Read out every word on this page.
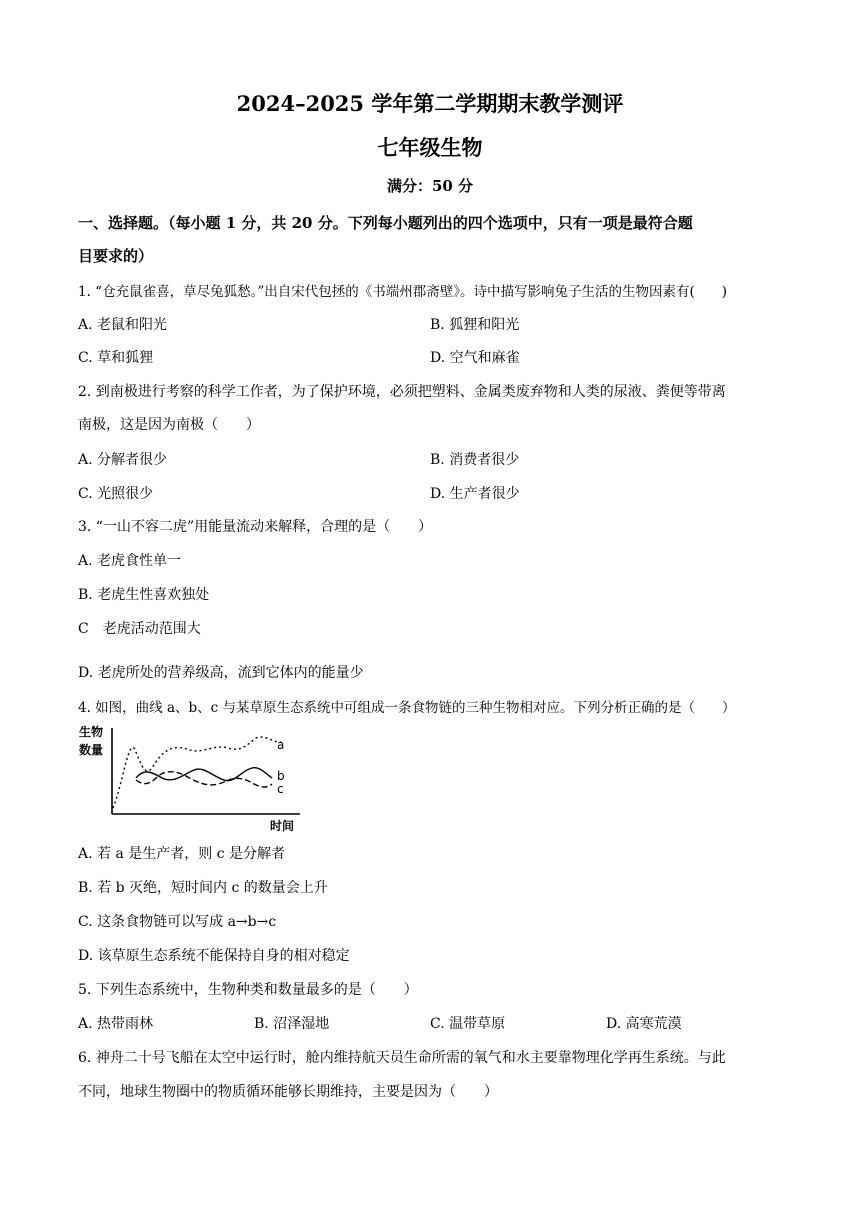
2024–2025 学年第二学期期末教学测评
七年级生物
满分：50 分
一、选择题。（每小题 1 分，共 20 分。下列每小题列出的四个选项中，只有一项是最符合题
目要求的）
1. “仓充鼠雀喜，草尽兔狐愁。”出自宋代包拯的《书端州郡斋壁》。诗中描写影响兔子生活的生物因素有(　　)
A. 老鼠和阳光	B. 狐狸和阳光
C. 草和狐狸	D. 空气和麻雀
2. 到南极进行考察的科学工作者，为了保护环境，必须把塑料、金属类废弃物和人类的尿液、粪便等带离
南极，这是因为南极（　　）
A. 分解者很少	B. 消费者很少
C. 光照很少	D. 生产者很少
3. “一山不容二虎”用能量流动来解释，合理的是（　　）
A. 老虎食性单一
B. 老虎生性喜欢独处
C　老虎活动范围大
D. 老虎所处的营养级高，流到它体内的能量少
4. 如图，曲线 a、b、c 与某草原生态系统中可组成一条食物链的三种生物相对应。下列分析正确的是（　　）
生物
数量	a
b
c
时间
A. 若 a 是生产者，则 c 是分解者
B. 若 b 灭绝，短时间内 c 的数量会上升
C. 这条食物链可以写成 a→b→c
D. 该草原生态系统不能保持自身的相对稳定
5. 下列生态系统中，生物种类和数量最多的是（　　）
A. 热带雨林	B. 沼泽湿地	C. 温带草原	D. 高寒荒漠
6. 神舟二十号飞船在太空中运行时，舱内维持航天员生命所需的氧气和水主要靠物理化学再生系统。与此
不同，地球生物圈中的物质循环能够长期维持，主要是因为（　　）
